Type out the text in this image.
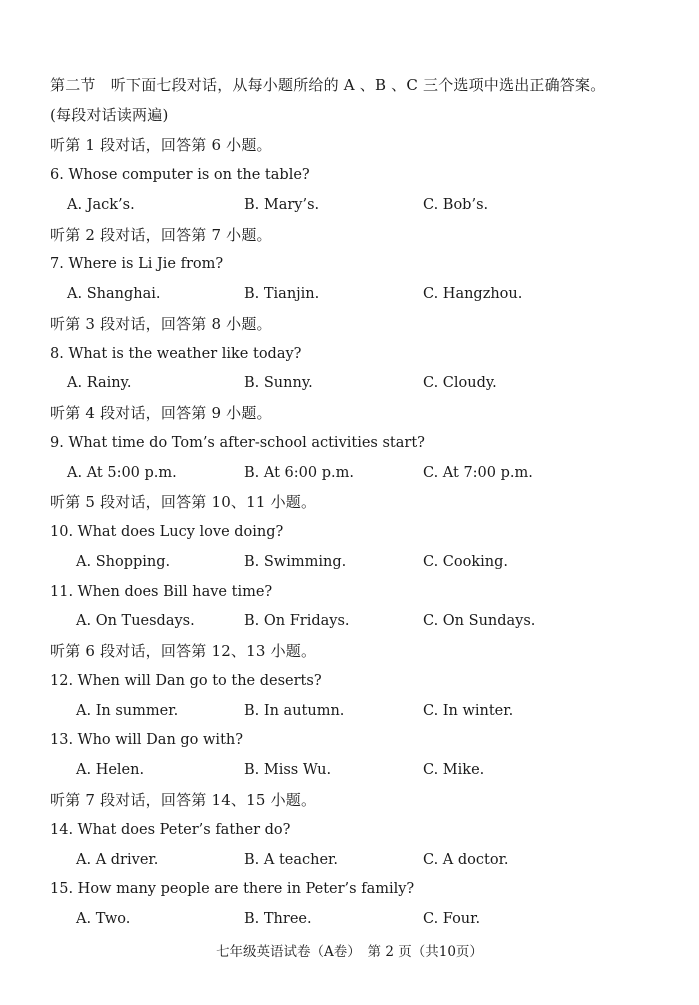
第二节　听下面七段对话，从每小题所给的 A 、B 、C 三个选项中选出正确答案。
(每段对话读两遍)
听第 1 段对话，回答第 6 小题。
6. Whose computer is on the table?
A. Jack’s.	B. Mary’s.	C. Bob’s.
听第 2 段对话，回答第 7 小题。
7. Where is Li Jie from?
A. Shanghai.	B. Tianjin.	C. Hangzhou.
听第 3 段对话，回答第 8 小题。
8. What is the weather like today?
A. Rainy.	B. Sunny.	C. Cloudy.
听第 4 段对话，回答第 9 小题。
9. What time do Tom’s after-school activities start?
A. At 5:00 p.m.	B. At 6:00 p.m.	C. At 7:00 p.m.
听第 5 段对话，回答第 10、11 小题。
10. What does Lucy love doing?
A. Shopping.	B. Swimming.	C. Cooking.
11. When does Bill have time?
A. On Tuesdays.	B. On Fridays.	C. On Sundays.
听第 6 段对话，回答第 12、13 小题。
12. When will Dan go to the deserts?
A. In summer.	B. In autumn.	C. In winter.
13. Who will Dan go with?
A. Helen.	B. Miss Wu.	C. Mike.
听第 7 段对话，回答第 14、15 小题。
14. What does Peter’s father do?
A. A driver.	B. A teacher.	C. A doctor.
15. How many people are there in Peter’s family?
A. Two.	B. Three.	C. Four.
七年级英语试卷（A卷）　第 2 页（共10页）
